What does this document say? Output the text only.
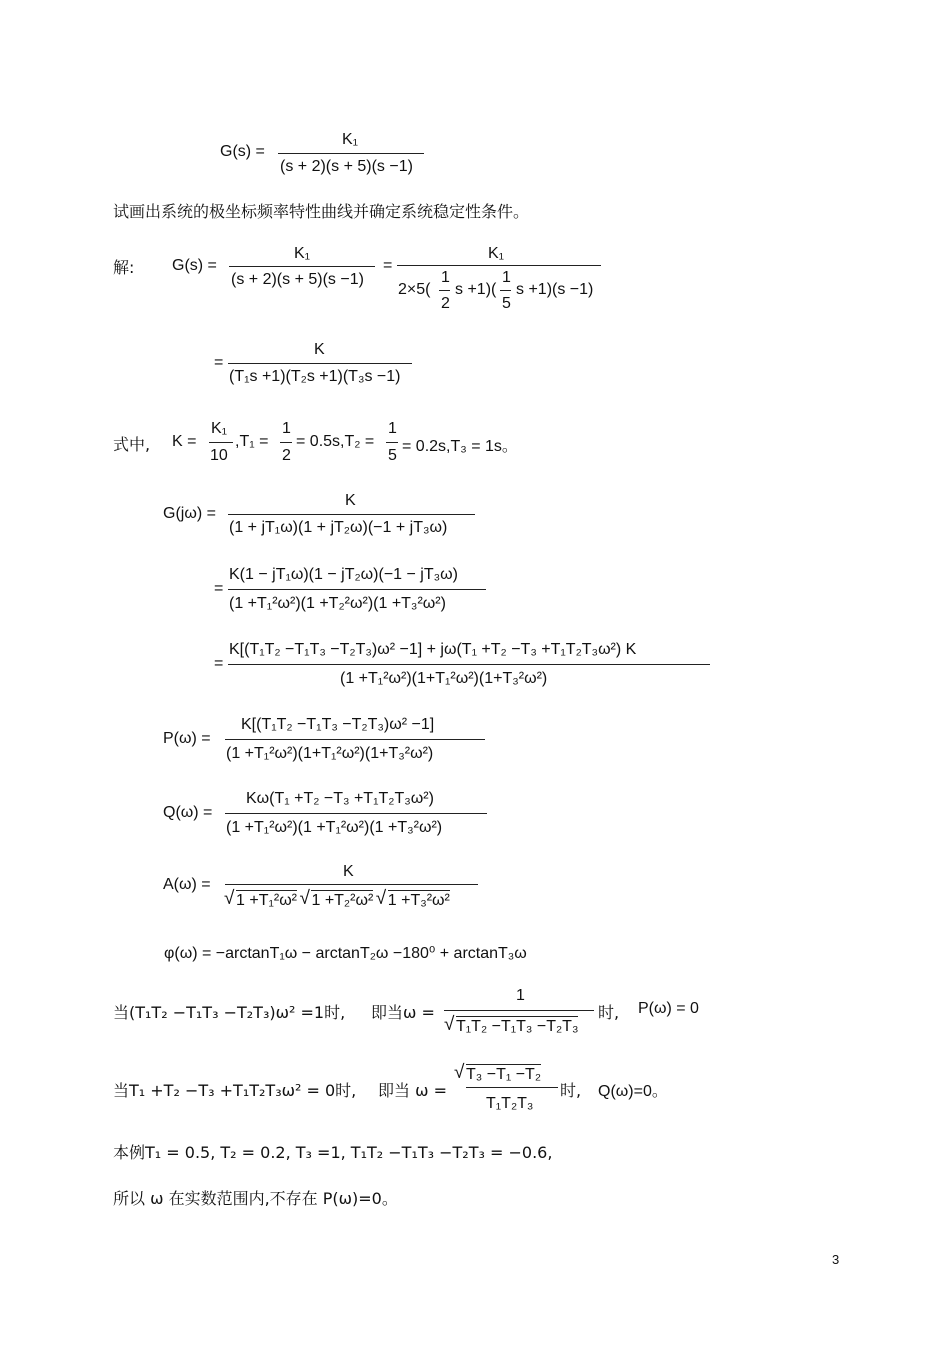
G(s) =
K₁
(s + 2)(s + 5)(s −1)
试画出系统的极坐标频率特性曲线并确定系统稳定性条件。
解: G(s) =
K₁
(s + 2)(s + 5)(s −1)
=
K₁
2×5(
1
2
s +1)(
1
5
s +1)(s −1)
=
K
(T₁s +1)(T₂s +1)(T₃s −1)
式中, K =
K₁
10
,T₁ =
1
2
= 0.5s,T₂ =
1
5
= 0.2s,T₃ = 1s。
G(jω) =
K
(1 + jT₁ω)(1 + jT₂ω)(−1 + jT₃ω)
=
K(1 − jT₁ω)(1 − jT₂ω)(−1 − jT₃ω)
(1 +T₁²ω²)(1 +T₂²ω²)(1 +T₃²ω²)
=
K[(T₁T₂ −T₁T₃ −T₂T₃)ω² −1] + jω(T₁ +T₂ −T₃ +T₁T₂T₃ω²) K
(1 +T₁²ω²)(1+T₁²ω²)(1+T₃²ω²)
P(ω) =
K[(T₁T₂ −T₁T₃ −T₂T₃)ω² −1]
(1 +T₁²ω²)(1+T₁²ω²)(1+T₃²ω²)
Q(ω) =
Kω(T₁ +T₂ −T₃ +T₁T₂T₃ω²)
(1 +T₁²ω²)(1 +T₁²ω²)(1 +T₃²ω²)
A(ω) =
K
√ 1 +T₁²ω² √ 1 +T₂²ω² √ 1 +T₃²ω²
φ(ω) = −arctanT₁ω − arctanT₂ω −180⁰ + arctanT₃ω
当(T₁T₂ −T₁T₃ −T₂T₃)ω² =1时, 即当ω =
1
√ T₁T₂ −T₁T₃ −T₂T₃
时, P(ω) = 0
当T₁ +T₂ −T₃ +T₁T₂T₃ω² = 0时, 即当 ω =
√ T₃ −T₁ −T₂
T₁T₂T₃
时, Q(ω)=0。
本例T₁ = 0.5, T₂ = 0.2, T₃ =1, T₁T₂ −T₁T₃ −T₂T₃ = −0.6,
所以 ω 在实数范围内,不存在 P(ω)=0。
3
